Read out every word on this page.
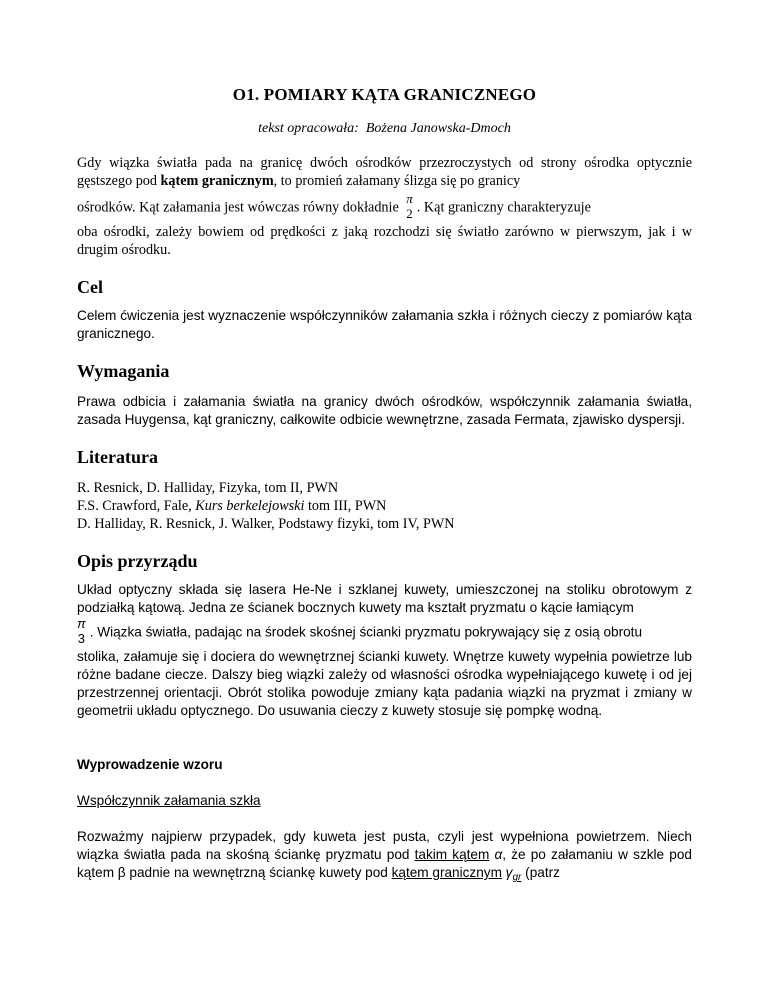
O1. POMIARY KĄTA GRANICZNEGO
tekst opracowała: Bożena Janowska-Dmoch

Gdy wiązka światła pada na granicę dwóch ośrodków przezroczystych od strony ośrodka optycznie gęstszego pod kątem granicznym, to promień załamany ślizga się po granicy

ośrodków. Kąt załamania jest wówczas równy dokładnie
π
2 . Kąt graniczny charakteryzuje

oba ośrodki, zależy bowiem od prędkości z jaką rozchodzi się światło zarówno w pierwszym, jak i w drugim ośrodku.

Cel

Celem ćwiczenia jest wyznaczenie współczynników załamania szkła i różnych cieczy z pomiarów kąta granicznego.

Wymagania

Prawa odbicia i załamania światła na granicy dwóch ośrodków, współczynnik załamania światła, zasada Huygensa, kąt graniczny, całkowite odbicie wewnętrzne, zasada Fermata, zjawisko dyspersji.

Literatura

R. Resnick, D. Halliday, Fizyka, tom II, PWN

F.S. Crawford, Fale, Kurs berkelejowski tom III, PWN

D. Halliday, R. Resnick, J. Walker, Podstawy fizyki, tom IV, PWN

Opis przyrządu

Układ optyczny składa się lasera He-Ne i szklanej kuwety, umieszczonej na stoliku obrotowym z podziałką kątową. Jedna ze ścianek bocznych kuwety ma kształt pryzmatu o kącie łamiącym

π
3 . Wiązka światła, padając na środek skośnej ścianki pryzmatu pokrywający się z osią obrotu

stolika, załamuje się i dociera do wewnętrznej ścianki kuwety. Wnętrze kuwety wypełnia powietrze lub różne badane ciecze. Dalszy bieg wiązki zależy od własności ośrodka wypełniającego kuwetę i od jej przestrzennej orientacji. Obrót stolika powoduje zmiany kąta padania wiązki na pryzmat i zmiany w geometrii układu optycznego. Do usuwania cieczy z kuwety stosuje się pompkę wodną.

Wyprowadzenie wzoru
Współczynnik załamania szkła

Rozważmy najpierw przypadek, gdy kuweta jest pusta, czyli jest wypełniona powietrzem. Niech wiązka światła pada na skośną ściankę pryzmatu pod takim kątem α, że po załamaniu w szkle pod kątem β padnie na wewnętrzną ściankę kuwety pod kątem granicznym $\gamma_{gr}$ (patrz
